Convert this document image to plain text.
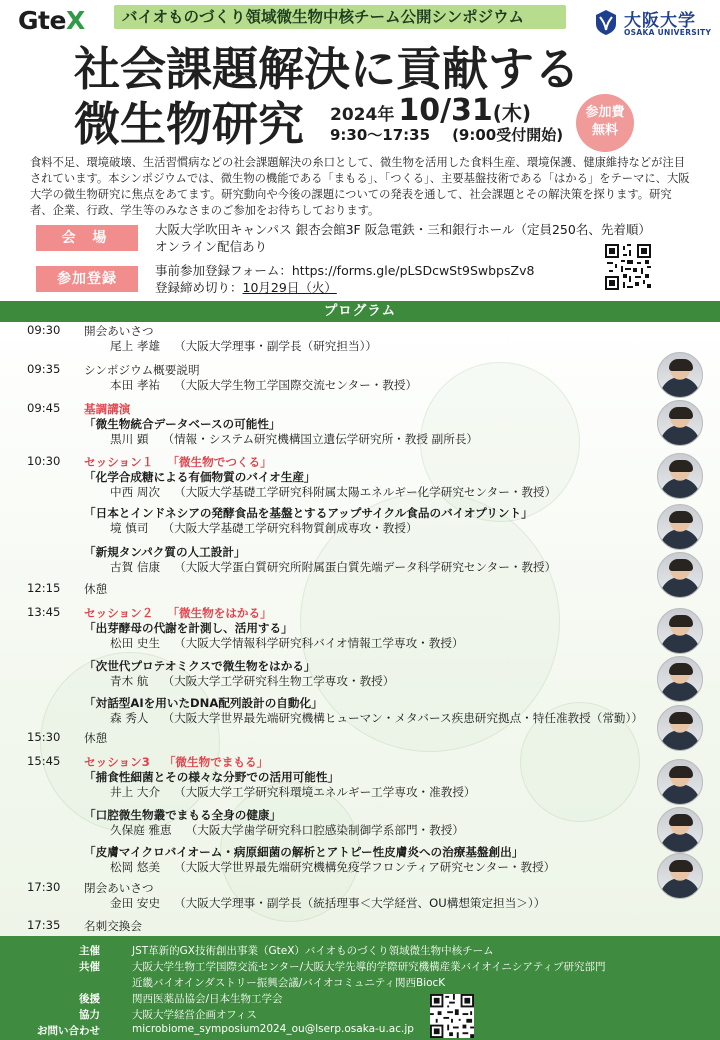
GteX	バイオものづくり領域微生物中核チーム公開シンポジウム	大阪大学
OSAKA UNIVERSITY
社会課題解決に貢献する
微生物研究 2024年 10/31(木)
9:30〜17:35 (9:00受付開始)
参加費
無料
食料不足、環境破壊、生活習慣病などの社会課題解決の糸口として、微生物を活用した食料生産、環境保護、健康維持などが注目されています。本シンポジウムでは、微生物の機能である「まもる」、「つくる」、主要基盤技術である「はかる」をテーマに、大阪大学の微生物研究に焦点をあてます。研究動向や今後の課題についての発表を通して、社会課題とその解決策を探ります。研究者、企業、行政、学生等のみなさまのご参加をお待ちしております。
会 場
大阪大学吹田キャンパス 銀杏会館3F 阪急電鉄・三和銀行ホール（定員250名、先着順）
オンライン配信あり
参加登録
事前参加登録フォーム：https://forms.gle/pLSDcwSt9SwbpsZv8
登録締め切り：10月29日（火）
プログラム
09:30	開会あいさつ
尾上 孝雄 （大阪大学理事・副学長（研究担当））
09:35	シンポジウム概要説明
本田 孝祐 （大阪大学生物工学国際交流センター・教授）
09:45	基調講演
「微生物統合データベースの可能性」
黒川 顕 （情報・システム研究機構国立遺伝学研究所・教授 副所長）
10:30	セッション１ 「微生物でつくる」
「化学合成糖による有価物質のバイオ生産」
中西 周次 （大阪大学基礎工学研究科附属太陽エネルギー化学研究センター・教授）
「日本とインドネシアの発酵食品を基盤とするアップサイクル食品のバイオプリント」
境 慎司 （大阪大学基礎工学研究科物質創成専攻・教授）
「新規タンパク質の人工設計」
古賀 信康 （大阪大学蛋白質研究所附属蛋白質先端データ科学研究センター・教授）
12:15	休憩
13:45	セッション２ 「微生物をはかる」
「出芽酵母の代謝を計測し、活用する」
松田 史生 （大阪大学情報科学研究科バイオ情報工学専攻・教授）
「次世代プロテオミクスで微生物をはかる」
青木 航 （大阪大学工学研究科生物工学専攻・教授）
「対話型AIを用いたDNA配列設計の自動化」
森 秀人 （大阪大学世界最先端研究機構ヒューマン・メタバース疾患研究拠点・特任准教授（常勤））
15:30	休憩
15:45	セッション3 「微生物でまもる」
「捕食性細菌とその様々な分野での活用可能性」
井上 大介 （大阪大学工学研究科環境エネルギー工学専攻・准教授）
「口腔微生物叢でまもる全身の健康」
久保庭 雅恵 （大阪大学歯学研究科口腔感染制御学系部門・教授）
「皮膚マイクロバイオーム・病原細菌の解析とアトピー性皮膚炎への治療基盤創出」
松岡 悠美 （大阪大学世界最先端研究機構免疫学フロンティア研究センター・教授）
17:30	閉会あいさつ
金田 安史 （大阪大学理事・副学長（統括理事＜大学経営、OU構想策定担当＞））
17:35	名刺交換会
主催	JST革新的GX技術創出事業（GteX）バイオものづくり領域微生物中核チーム
共催	大阪大学生物工学国際交流センター/大阪大学先導的学際研究機構産業バイオイニシアティブ研究部門
近畿バイオインダストリー振興会議/バイオコミュニティ関西BiocK
後援	関西医薬品協会/日本生物工学会
協力	大阪大学経営企画オフィス
お問い合わせ	microbiome_symposium2024_ou@lserp.osaka-u.ac.jp
